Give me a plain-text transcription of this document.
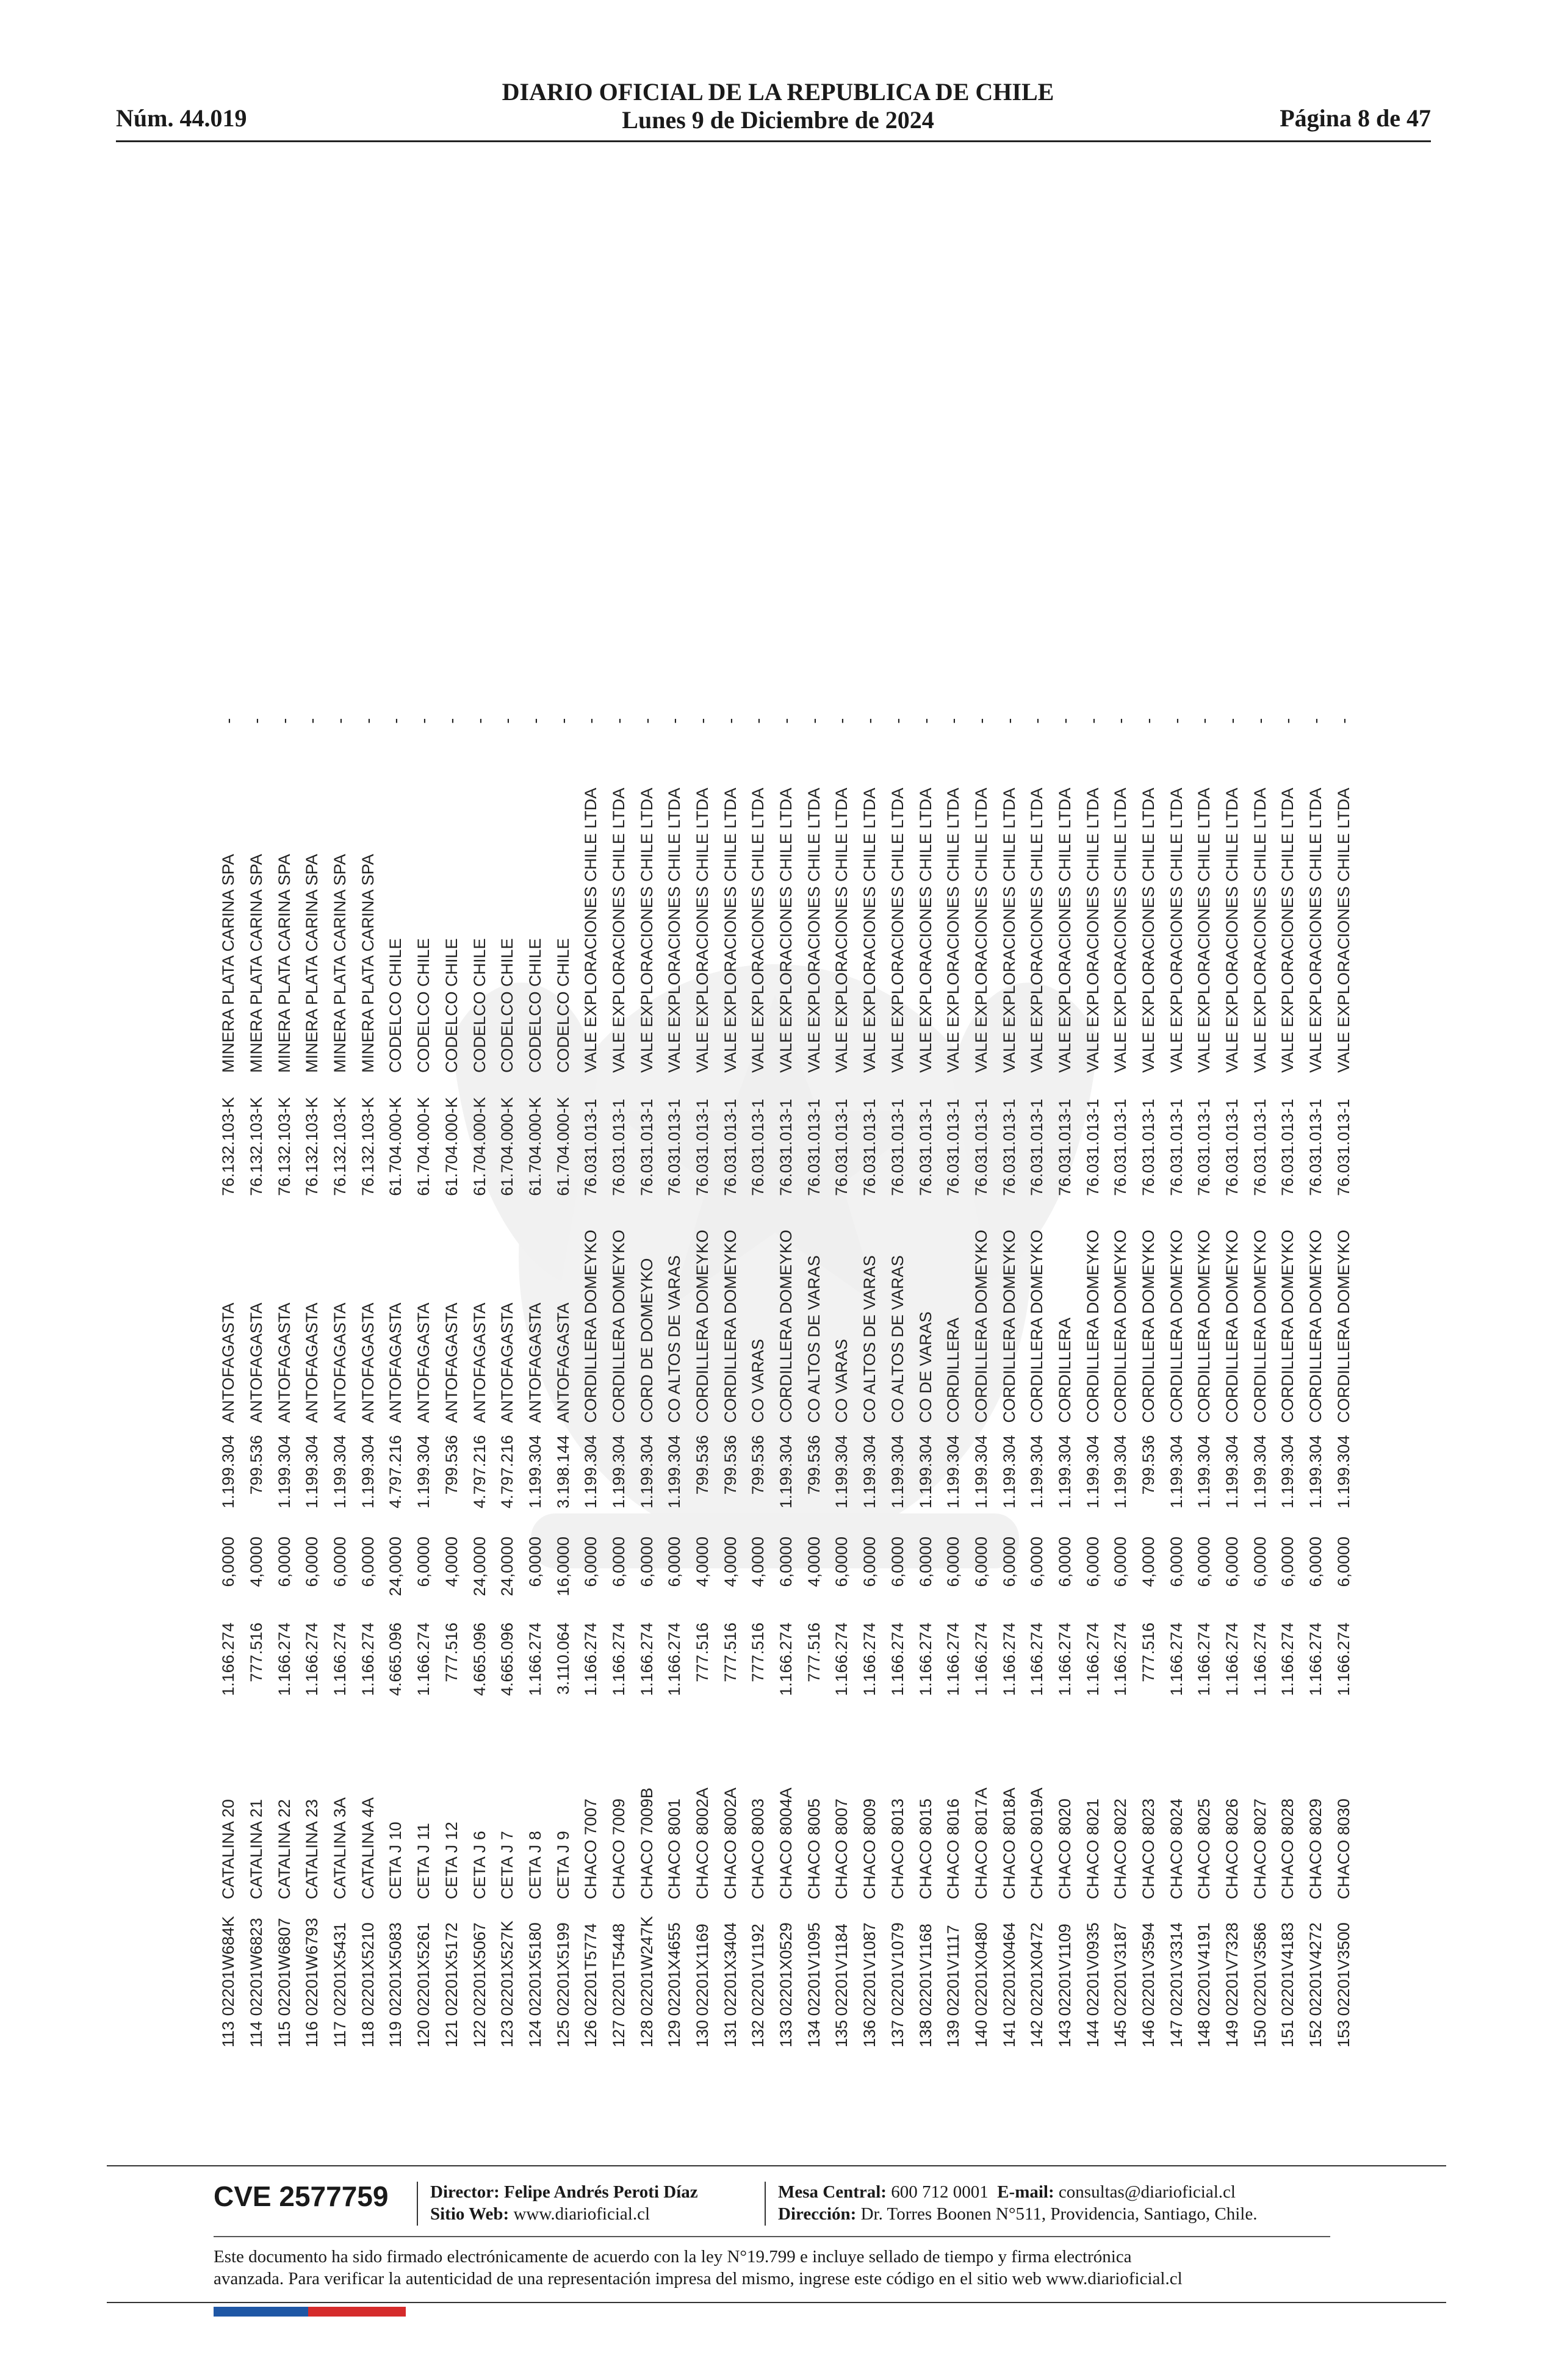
Núm. 44.019
DIARIO OFICIAL DE LA REPUBLICA DE CHILE
Lunes 9 de Diciembre de 2024	Página 8 de 47
113	02201W684K	CATALINA 20	1.166.274	6,0000	1.199.304	ANTOFAGASTA	76.132.103-K	MINERA PLATA CARINA SPA	-
114	02201W6823	CATALINA 21	777.516	4,0000	799.536	ANTOFAGASTA	76.132.103-K	MINERA PLATA CARINA SPA	-
115	02201W6807	CATALINA 22	1.166.274	6,0000	1.199.304	ANTOFAGASTA	76.132.103-K	MINERA PLATA CARINA SPA	-
116	02201W6793	CATALINA 23	1.166.274	6,0000	1.199.304	ANTOFAGASTA	76.132.103-K	MINERA PLATA CARINA SPA	-
117	02201X5431	CATALINA 3A	1.166.274	6,0000	1.199.304	ANTOFAGASTA	76.132.103-K	MINERA PLATA CARINA SPA	-
118	02201X5210	CATALINA 4A	1.166.274	6,0000	1.199.304	ANTOFAGASTA	76.132.103-K	MINERA PLATA CARINA SPA	-
119	02201X5083	CETA J 10	4.665.096	24,0000	4.797.216	ANTOFAGASTA	61.704.000-K	CODELCO CHILE	-
120	02201X5261	CETA J 11	1.166.274	6,0000	1.199.304	ANTOFAGASTA	61.704.000-K	CODELCO CHILE	-
121	02201X5172	CETA J 12	777.516	4,0000	799.536	ANTOFAGASTA	61.704.000-K	CODELCO CHILE	-
122	02201X5067	CETA J 6	4.665.096	24,0000	4.797.216	ANTOFAGASTA	61.704.000-K	CODELCO CHILE	-
123	02201X527K	CETA J 7	4.665.096	24,0000	4.797.216	ANTOFAGASTA	61.704.000-K	CODELCO CHILE	-
124	02201X5180	CETA J 8	1.166.274	6,0000	1.199.304	ANTOFAGASTA	61.704.000-K	CODELCO CHILE	-
125	02201X5199	CETA J 9	3.110.064	16,0000	3.198.144	ANTOFAGASTA	61.704.000-K	CODELCO CHILE	-
126	02201T5774	CHACO 7007	1.166.274	6,0000	1.199.304	CORDILLERA DOMEYKO	76.031.013-1	VALE EXPLORACIONES CHILE LTDA	-
127	02201T5448	CHACO 7009	1.166.274	6,0000	1.199.304	CORDILLERA DOMEYKO	76.031.013-1	VALE EXPLORACIONES CHILE LTDA	-
128	02201W247K	CHACO 7009B	1.166.274	6,0000	1.199.304	CORD DE DOMEYKO	76.031.013-1	VALE EXPLORACIONES CHILE LTDA	-
129	02201X4655	CHACO 8001	1.166.274	6,0000	1.199.304	CO ALTOS DE VARAS	76.031.013-1	VALE EXPLORACIONES CHILE LTDA	-
130	02201X1169	CHACO 8002A	777.516	4,0000	799.536	CORDILLERA DOMEYKO	76.031.013-1	VALE EXPLORACIONES CHILE LTDA	-
131	02201X3404	CHACO 8002A	777.516	4,0000	799.536	CORDILLERA DOMEYKO	76.031.013-1	VALE EXPLORACIONES CHILE LTDA	-
132	02201V1192	CHACO 8003	777.516	4,0000	799.536	CO VARAS	76.031.013-1	VALE EXPLORACIONES CHILE LTDA	-
133	02201X0529	CHACO 8004A	1.166.274	6,0000	1.199.304	CORDILLERA DOMEYKO	76.031.013-1	VALE EXPLORACIONES CHILE LTDA	-
134	02201V1095	CHACO 8005	777.516	4,0000	799.536	CO ALTOS DE VARAS	76.031.013-1	VALE EXPLORACIONES CHILE LTDA	-
135	02201V1184	CHACO 8007	1.166.274	6,0000	1.199.304	CO VARAS	76.031.013-1	VALE EXPLORACIONES CHILE LTDA	-
136	02201V1087	CHACO 8009	1.166.274	6,0000	1.199.304	CO ALTOS DE VARAS	76.031.013-1	VALE EXPLORACIONES CHILE LTDA	-
137	02201V1079	CHACO 8013	1.166.274	6,0000	1.199.304	CO ALTOS DE VARAS	76.031.013-1	VALE EXPLORACIONES CHILE LTDA	-
138	02201V1168	CHACO 8015	1.166.274	6,0000	1.199.304	CO DE VARAS	76.031.013-1	VALE EXPLORACIONES CHILE LTDA	-
139	02201V1117	CHACO 8016	1.166.274	6,0000	1.199.304	CORDILLERA	76.031.013-1	VALE EXPLORACIONES CHILE LTDA	-
140	02201X0480	CHACO 8017A	1.166.274	6,0000	1.199.304	CORDILLERA DOMEYKO	76.031.013-1	VALE EXPLORACIONES CHILE LTDA	-
141	02201X0464	CHACO 8018A	1.166.274	6,0000	1.199.304	CORDILLERA DOMEYKO	76.031.013-1	VALE EXPLORACIONES CHILE LTDA	-
142	02201X0472	CHACO 8019A	1.166.274	6,0000	1.199.304	CORDILLERA DOMEYKO	76.031.013-1	VALE EXPLORACIONES CHILE LTDA	-
143	02201V1109	CHACO 8020	1.166.274	6,0000	1.199.304	CORDILLERA	76.031.013-1	VALE EXPLORACIONES CHILE LTDA	-
144	02201V0935	CHACO 8021	1.166.274	6,0000	1.199.304	CORDILLERA DOMEYKO	76.031.013-1	VALE EXPLORACIONES CHILE LTDA	-
145	02201V3187	CHACO 8022	1.166.274	6,0000	1.199.304	CORDILLERA DOMEYKO	76.031.013-1	VALE EXPLORACIONES CHILE LTDA	-
146	02201V3594	CHACO 8023	777.516	4,0000	799.536	CORDILLERA DOMEYKO	76.031.013-1	VALE EXPLORACIONES CHILE LTDA	-
147	02201V3314	CHACO 8024	1.166.274	6,0000	1.199.304	CORDILLERA DOMEYKO	76.031.013-1	VALE EXPLORACIONES CHILE LTDA	-
148	02201V4191	CHACO 8025	1.166.274	6,0000	1.199.304	CORDILLERA DOMEYKO	76.031.013-1	VALE EXPLORACIONES CHILE LTDA	-
149	02201V7328	CHACO 8026	1.166.274	6,0000	1.199.304	CORDILLERA DOMEYKO	76.031.013-1	VALE EXPLORACIONES CHILE LTDA	-
150	02201V3586	CHACO 8027	1.166.274	6,0000	1.199.304	CORDILLERA DOMEYKO	76.031.013-1	VALE EXPLORACIONES CHILE LTDA	-
151	02201V4183	CHACO 8028	1.166.274	6,0000	1.199.304	CORDILLERA DOMEYKO	76.031.013-1	VALE EXPLORACIONES CHILE LTDA	-
152	02201V4272	CHACO 8029	1.166.274	6,0000	1.199.304	CORDILLERA DOMEYKO	76.031.013-1	VALE EXPLORACIONES CHILE LTDA	-
153	02201V3500	CHACO 8030	1.166.274	6,0000	1.199.304	CORDILLERA DOMEYKO	76.031.013-1	VALE EXPLORACIONES CHILE LTDA	-
CVE 2577759 Director: Felipe Andrés Peroti Díaz
Sitio Web: www.diarioficial.cl
Mesa Central: 600 712 0001 E-mail: consultas@diarioficial.cl
Dirección: Dr. Torres Boonen N°511, Providencia, Santiago, Chile.
Este documento ha sido firmado electrónicamente de acuerdo con la ley N°19.799 e incluye sellado de tiempo y firma electrónica
avanzada. Para verificar la autenticidad de una representación impresa del mismo, ingrese este código en el sitio web www.diarioficial.cl
